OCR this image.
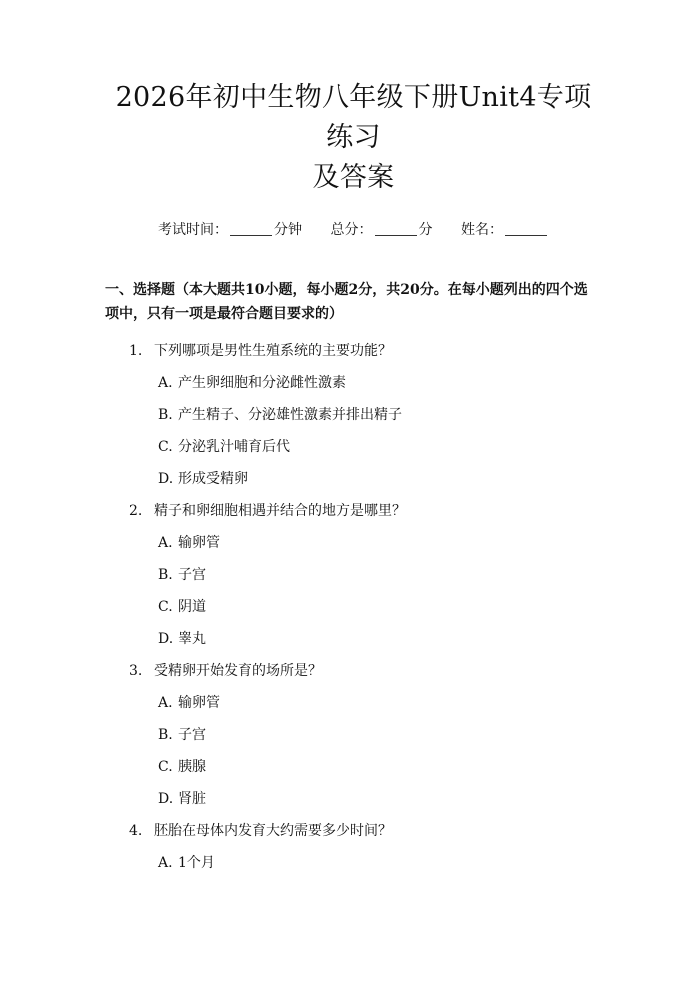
2026年初中生物八年级下册Unit4专项练习
及答案
考试时间：	分钟 总分：	分 姓名：
一、选择题（本大题共10小题，每小题2分，共20分。在每小题列出的四个选
项中，只有一项是最符合题目要求的）
1. 下列哪项是男性生殖系统的主要功能？
A. 产生卵细胞和分泌雌性激素
B. 产生精子、分泌雄性激素并排出精子
C. 分泌乳汁哺育后代
D. 形成受精卵
2. 精子和卵细胞相遇并结合的地方是哪里？
A. 输卵管
B. 子宫
C. 阴道
D. 睾丸
3. 受精卵开始发育的场所是？
A. 输卵管
B. 子宫
C. 胰腺
D. 肾脏
4. 胚胎在母体内发育大约需要多少时间？
A. 1个月
